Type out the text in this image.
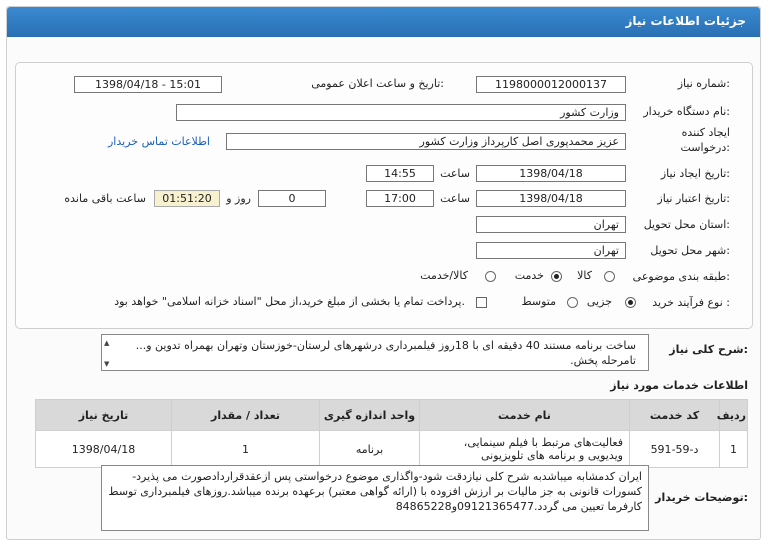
جزئیات اطلاعات نیاز
شماره نیاز:
1198000012000137
تاریخ و ساعت اعلان عمومی:
1398/04/18 - 15:01
نام دستگاه خریدار:
وزارت کشور
ایجاد کننده
درخواست:
عزیز محمدپوری اصل کارپرداز وزارت کشور
اطلاعات تماس خریدار
تاریخ ایجاد نیاز:
1398/04/18
ساعت
14:55
تاریخ اعتبار نیاز:
1398/04/18
ساعت
17:00
0
روز و
01:51:20
ساعت باقی مانده
استان محل تحویل:
تهران
شهر محل تحویل:
تهران
طبقه بندی موضوعی:
کالا
خدمت
کالا/خدمت
نوع فرآیند خرید :
جزیی
متوسط
پرداخت تمام یا بخشی از مبلغ خرید،از محل "اسناد خزانه اسلامی" خواهد بود.
شرح کلی نیاز:
▲
▼
ساخت برنامه مستند 40 دقیقه ای با 18روز فیلمبرداری درشهرهای لرستان-خوزستان وتهران بهمراه تدوین و... تامرحله پخش.
اطلاعات خدمات مورد نیاز
ردیف	کد خدمت	نام خدمت	واحد اندازه گیری	تعداد / مقدار	تاریخ نیاز
1	د-59-591	فعالیت‌های مرتبط با فیلم سینمایی، ویدیویی و برنامه های تلویزیونی	برنامه	1	1398/04/18
توضیحات خریدار:
ایران کدمشابه میباشدبه شرح کلی نیازدقت شود-واگذاری موضوع درخواستی پس ازعقدقراردادصورت می پذیرد- کسورات قانونی به جز مالیات بر ارزش افزوده با (ارائه گواهی معتبر) برعهده برنده میباشد.روزهای فیلمبرداری توسط کارفرما تعیین می گردد.09121365477و84865228
